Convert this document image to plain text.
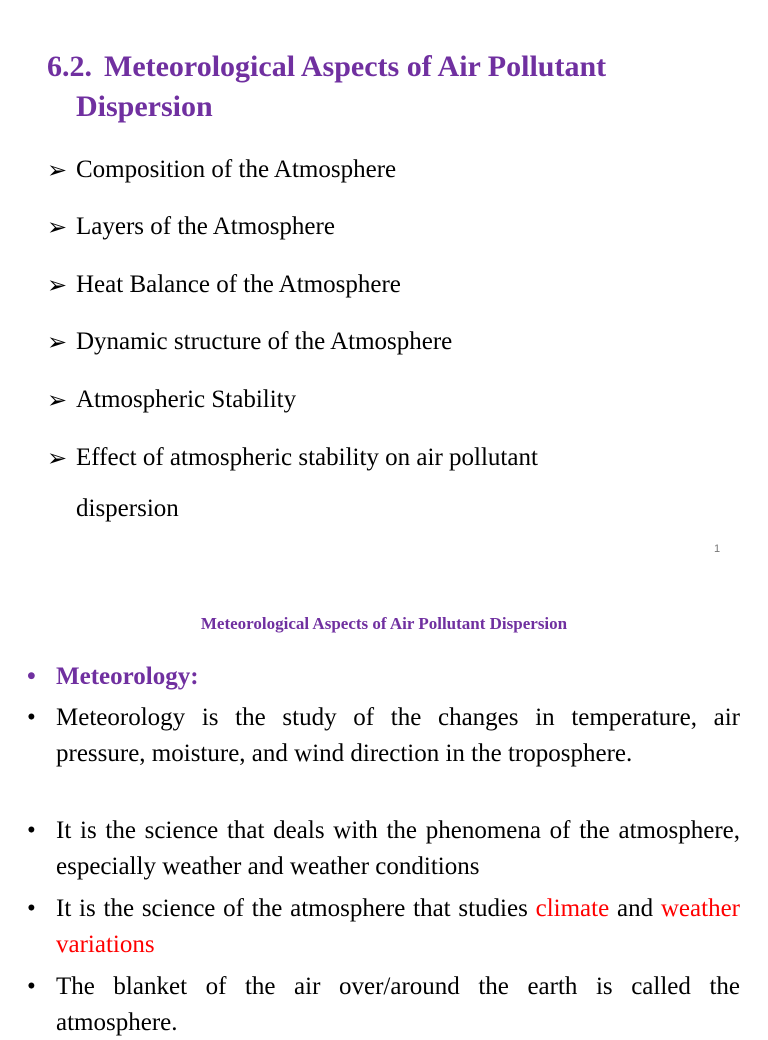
6.2. Meteorological Aspects of Air Pollutant
Dispersion
➢ Composition of the Atmosphere
➢ Layers of the Atmosphere
➢ Heat Balance of the Atmosphere
➢ Dynamic structure of the Atmosphere
➢ Atmospheric Stability
➢ Effect of atmospheric stability on air pollutant
dispersion
1
Meteorological Aspects of Air Pollutant Dispersion
• Meteorology:
• Meteorology is the study of the changes in temperature, air pressure, moisture, and wind direction in the troposphere.
• It is the science that deals with the phenomena of the atmosphere, especially weather and weather conditions
• It is the science of the atmosphere that studies climate and weather variations
• The blanket of the air over/around the earth is called the atmosphere.
